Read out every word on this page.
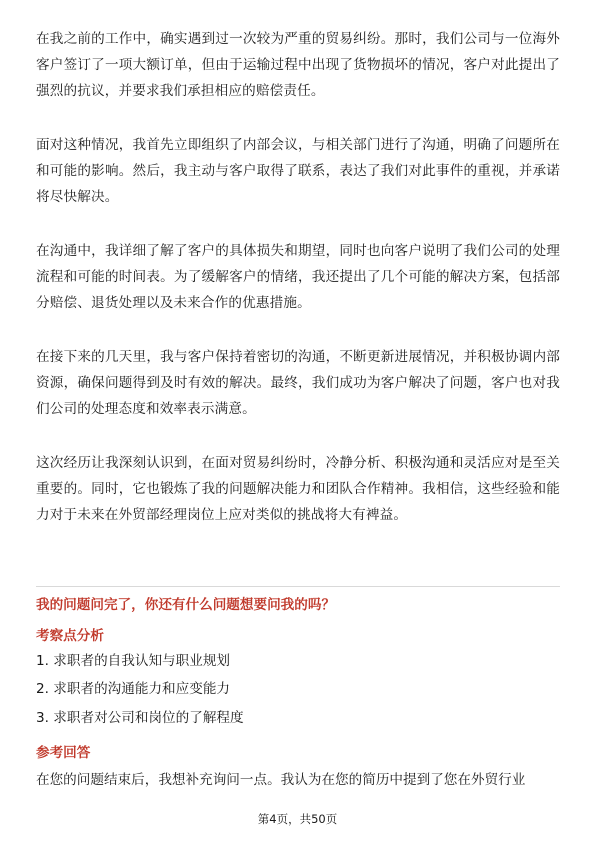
在我之前的工作中，确实遇到过一次较为严重的贸易纠纷。那时，我们公司与一位海外客户签订了一项大额订单，但由于运输过程中出现了货物损坏的情况，客户对此提出了强烈的抗议，并要求我们承担相应的赔偿责任。

面对这种情况，我首先立即组织了内部会议，与相关部门进行了沟通，明确了问题所在和可能的影响。然后，我主动与客户取得了联系，表达了我们对此事件的重视，并承诺将尽快解决。

在沟通中，我详细了解了客户的具体损失和期望，同时也向客户说明了我们公司的处理流程和可能的时间表。为了缓解客户的情绪，我还提出了几个可能的解决方案，包括部分赔偿、退货处理以及未来合作的优惠措施。

在接下来的几天里，我与客户保持着密切的沟通，不断更新进展情况，并积极协调内部资源，确保问题得到及时有效的解决。最终，我们成功为客户解决了问题，客户也对我们公司的处理态度和效率表示满意。

这次经历让我深刻认识到，在面对贸易纠纷时，冷静分析、积极沟通和灵活应对是至关重要的。同时，它也锻炼了我的问题解决能力和团队合作精神。我相信，这些经验和能力对于未来在外贸部经理岗位上应对类似的挑战将大有裨益。

我的问题问完了，你还有什么问题想要问我的吗？
考察点分析
1. 求职者的自我认知与职业规划
2. 求职者的沟通能力和应变能力
3. 求职者对公司和岗位的了解程度
参考回答
在您的问题结束后，我想补充询问一点。我认为在您的简历中提到了您在外贸行业
第4页，共50页
